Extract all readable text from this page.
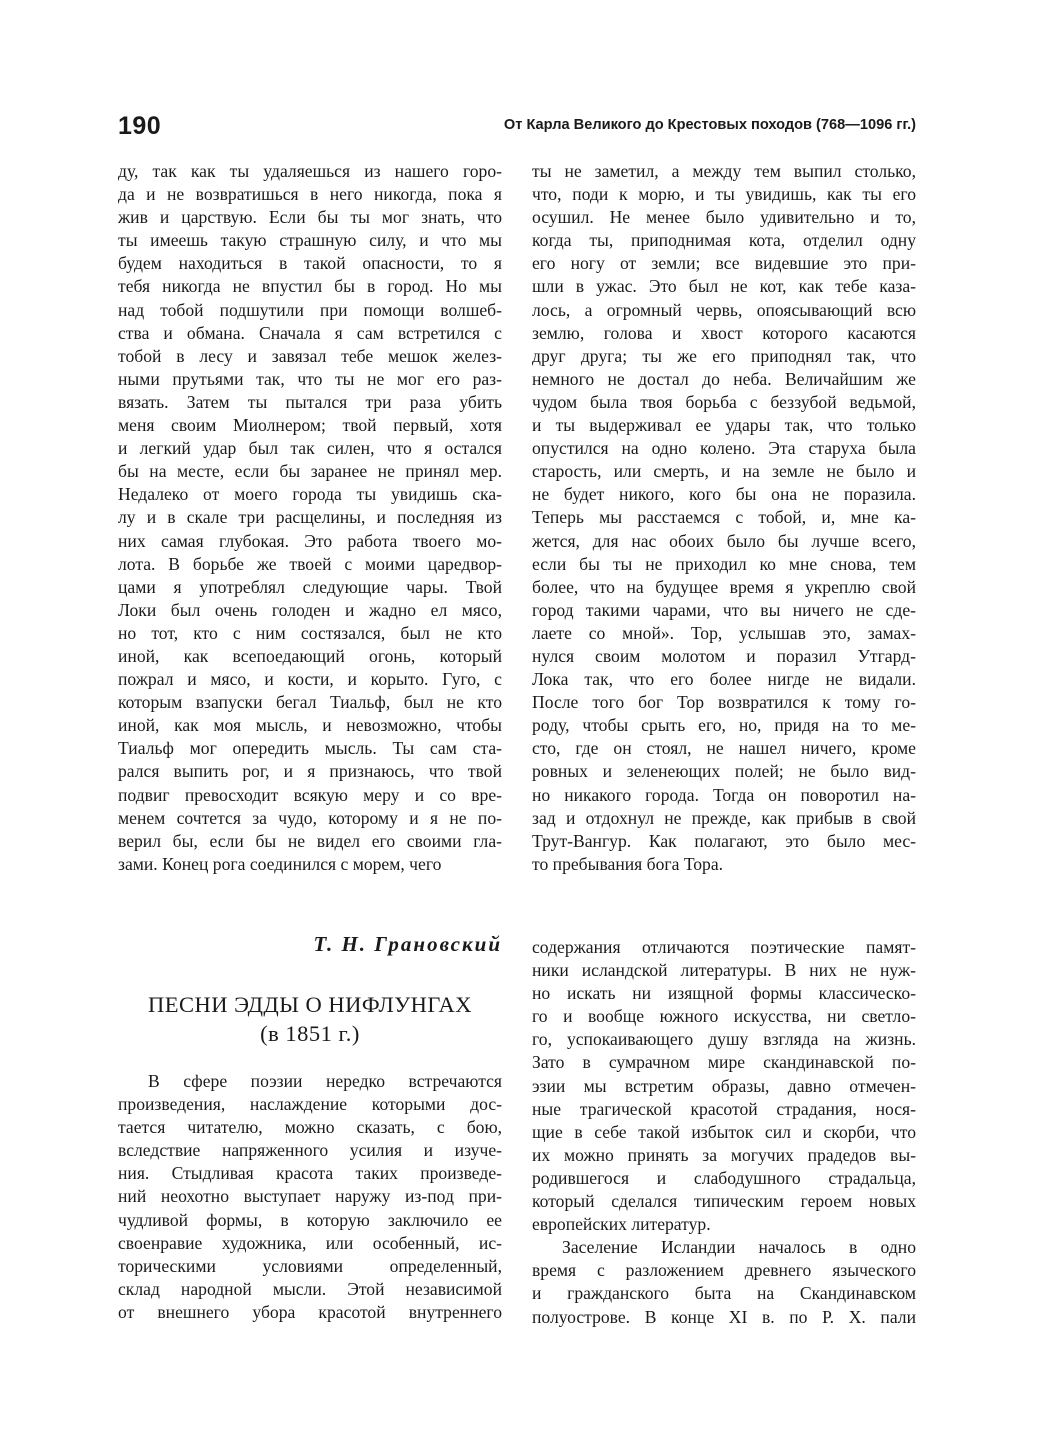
190	От Карла Великого до Крестовых походов (768—1096 гг.)

ду, так как ты удаляешься из нашего горо-

да и не возвратишься в него никогда, пока я

жив и царствую. Если бы ты мог знать, что

ты имеешь такую страшную силу, и что мы

будем находиться в такой опасности, то я

тебя никогда не впустил бы в город. Но мы

над тобой подшутили при помощи волшеб-

ства и обмана. Сначала я сам встретился с

тобой в лесу и завязал тебе мешок желез-

ными прутьями так, что ты не мог его раз-

вязать. Затем ты пытался три раза убить

меня своим Миолнером; твой первый, хотя

и легкий удар был так силен, что я остался

бы на месте, если бы заранее не принял мер.

Недалеко от моего города ты увидишь ска-

лу и в скале три расщелины, и последняя из

них самая глубокая. Это работа твоего мо-

лота. В борьбе же твоей с моими царедвор-

цами я употреблял следующие чары. Твой

Локи был очень голоден и жадно ел мясо,

но тот, кто с ним состязался, был не кто

иной, как всепоедающий огонь, который

пожрал и мясо, и кости, и корыто. Гуго, с

которым взапуски бегал Тиальф, был не кто

иной, как моя мысль, и невозможно, чтобы

Тиальф мог опередить мысль. Ты сам ста-

рался выпить рог, и я признаюсь, что твой

подвиг превосходит всякую меру и со вре-

менем сочтется за чудо, которому и я не по-

верил бы, если бы не видел его своими гла-

зами. Конец рога соединился с морем, чего

ты не заметил, а между тем выпил столько,

что, поди к морю, и ты увидишь, как ты его

осушил. Не менее было удивительно и то,

когда ты, приподнимая кота, отделил одну

его ногу от земли; все видевшие это при-

шли в ужас. Это был не кот, как тебе каза-

лось, а огромный червь, опоясывающий всю

землю, голова и хвост которого касаются

друг друга; ты же его приподнял так, что

немного не достал до неба. Величайшим же

чудом была твоя борьба с беззубой ведьмой,

и ты выдерживал ее удары так, что только

опустился на одно колено. Эта старуха была

старость, или смерть, и на земле не было и

не будет никого, кого бы она не поразила.

Теперь мы расстаемся с тобой, и, мне ка-

жется, для нас обоих было бы лучше всего,

если бы ты не приходил ко мне снова, тем

более, что на будущее время я укреплю свой

город такими чарами, что вы ничего не сде-

лаете со мной». Тор, услышав это, замах-

нулся своим молотом и поразил Утгард-

Лока так, что его более нигде не видали.

После того бог Тор возвратился к тому го-

роду, чтобы срыть его, но, придя на то ме-

сто, где он стоял, не нашел ничего, кроме

ровных и зеленеющих полей; не было вид-

но никакого города. Тогда он поворотил на-

зад и отдохнул не прежде, как прибыв в свой

Трут-Вангур. Как полагают, это было мес-

то пребывания бога Тора.

Т. Н. Грановский
ПЕСНИ ЭДДЫ О НИФЛУНГАХ
(в 1851 г.)

В сфере поэзии нередко встречаются

произведения, наслаждение которыми дос-

тается читателю, можно сказать, с бою,

вследствие напряженного усилия и изуче-

ния. Стыдливая красота таких произведе-

ний неохотно выступает наружу из-под при-

чудливой формы, в которую заключило ее

своенравие художника, или особенный, ис-

торическими условиями определенный,

склад народной мысли. Этой независимой

от внешнего убора красотой внутреннего

содержания отличаются поэтические памят-

ники исландской литературы. В них не нуж-

но искать ни изящной формы классическо-

го и вообще южного искусства, ни светло-

го, успокаивающего душу взгляда на жизнь.

Зато в сумрачном мире скандинавской по-

эзии мы встретим образы, давно отмечен-

ные трагической красотой страдания, нося-

щие в себе такой избыток сил и скорби, что

их можно принять за могучих прадедов вы-

родившегося и слабодушного страдальца,

который сделался типическим героем новых

европейских литератур.

Заселение Исландии началось в одно

время с разложением древнего языческого

и гражданского быта на Скандинавском

полуострове. В конце XI в. по Р. Х. пали
